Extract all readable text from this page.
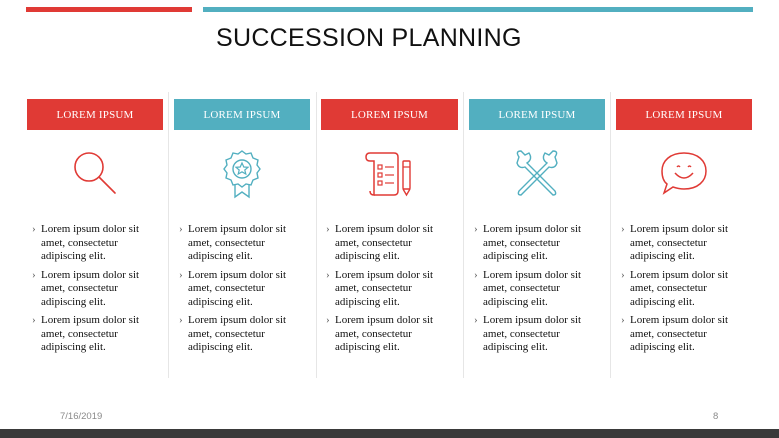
SUCCESSION PLANNING
LOREM IPSUM
› Lorem ipsum dolor sit amet, consectetur adipiscing elit.
› Lorem ipsum dolor sit amet, consectetur adipiscing elit.
› Lorem ipsum dolor sit amet, consectetur adipiscing elit.
LOREM IPSUM
› Lorem ipsum dolor sit amet, consectetur adipiscing elit.
› Lorem ipsum dolor sit amet, consectetur adipiscing elit.
› Lorem ipsum dolor sit amet, consectetur adipiscing elit.
LOREM IPSUM
› Lorem ipsum dolor sit amet, consectetur adipiscing elit.
› Lorem ipsum dolor sit amet, consectetur adipiscing elit.
› Lorem ipsum dolor sit amet, consectetur adipiscing elit.
LOREM IPSUM
› Lorem ipsum dolor sit amet, consectetur adipiscing elit.
› Lorem ipsum dolor sit amet, consectetur adipiscing elit.
› Lorem ipsum dolor sit amet, consectetur adipiscing elit.
LOREM IPSUM
› Lorem ipsum dolor sit amet, consectetur adipiscing elit.
› Lorem ipsum dolor sit amet, consectetur adipiscing elit.
› Lorem ipsum dolor sit amet, consectetur adipiscing elit.
7/16/2019	8
